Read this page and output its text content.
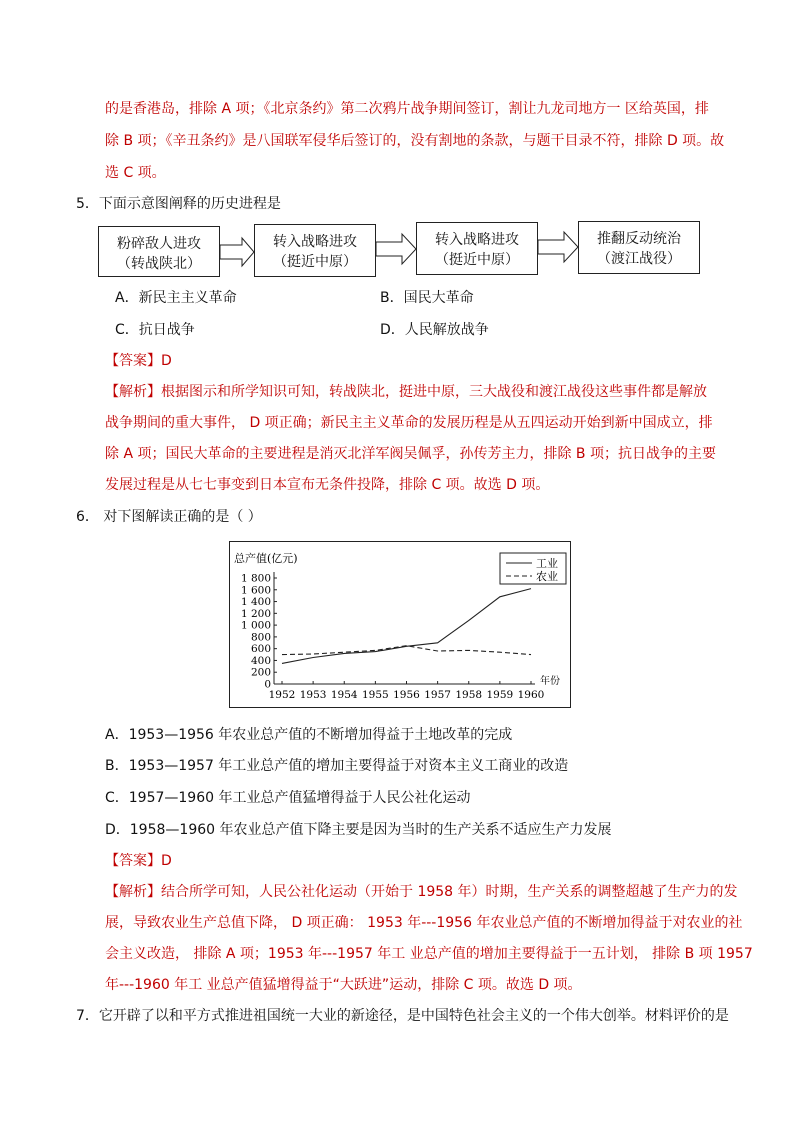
的是香港岛，排除 A 项；《北京条约》第二次鸦片战争期间签订，割让九龙司地方一 区给英国，排
除 B 项；《辛丑条约》是八国联军侵华后签订的，没有割地的条款，与题干目录不符，排除 D 项。故
选 C 项。
5．下面示意图阐释的历史进程是
粉碎敌人进攻
（转战陕北）
转入战略进攻
（挺近中原）
转入战略进攻
（挺近中原）
推翻反动统治
（渡江战役）
A．新民主主义革命	B．国民大革命
C．抗日战争	D．人民解放战争
【答案】D
【解析】根据图示和所学知识可知，转战陕北，挺进中原，三大战役和渡江战役这些事件都是解放
战争期间的重大事件， D 项正确；新民主主义革命的发展历程是从五四运动开始到新中国成立，排
除 A 项；国民大革命的主要进程是消灭北洋军阀吴佩孚，孙传芳主力，排除 B 项；抗日战争的主要
发展过程是从七七事变到日本宣布无条件投降，排除 C 项。故选 D 项。
6． 对下图解读正确的是（ ）
总产值(亿元)
年份
工业
农业
0
200
400
600
800
1 000
1 200
1 400
1 600
1 800
1952 1953 1954 1955 1956 1957 1958 1959 1960
A．1953—1956 年农业总产值的不断增加得益于土地改革的完成
B．1953—1957 年工业总产值的增加主要得益于对资本主义工商业的改造
C．1957—1960 年工业总产值猛增得益于人民公社化运动
D．1958—1960 年农业总产值下降主要是因为当时的生产关系不适应生产力发展
【答案】D
【解析】结合所学可知，人民公社化运动（开始于 1958 年）时期，生产关系的调整超越了生产力的发
展，导致农业生产总值下降， D 项正确： 1953 年---1956 年农业总产值的不断增加得益于对农业的社
会主义改造， 排除 A 项；1953 年---1957 年工 业总产值的增加主要得益于一五计划， 排除 B 项 1957
年---1960 年工 业总产值猛增得益于“大跃进”运动，排除 C 项。故选 D 项。
7．它开辟了以和平方式推进祖国统一大业的新途径，是中国特色社会主义的一个伟大创举。材料评价的是
